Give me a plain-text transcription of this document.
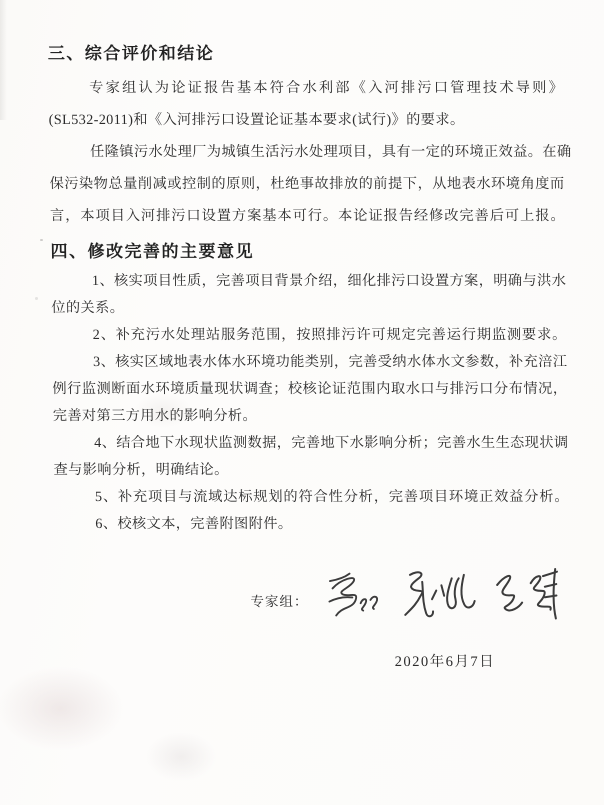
三、综合评价和结论
专家组认为论证报告基本符合水利部《入河排污口管理技术导则》
(SL532-2011)和《入河排污口设置论证基本要求(试行)》的要求。
任隆镇污水处理厂为城镇生活污水处理项目，具有一定的环境正效益。在确
保污染物总量削减或控制的原则，杜绝事故排放的前提下，从地表水环境角度而
言，本项目入河排污口设置方案基本可行。本论证报告经修改完善后可上报。
四、修改完善的主要意见
1、核实项目性质，完善项目背景介绍，细化排污口设置方案，明确与洪水
位的关系。
2、补充污水处理站服务范围，按照排污许可规定完善运行期监测要求。
3、核实区域地表水体水环境功能类别，完善受纳水体水文参数，补充涪江
例行监测断面水环境质量现状调查；校核论证范围内取水口与排污口分布情况，
完善对第三方用水的影响分析。
4、结合地下水现状监测数据，完善地下水影响分析；完善水生生态现状调
查与影响分析，明确结论。
5、补充项目与流域达标规划的符合性分析，完善项目环境正效益分析。
6、校核文本，完善附图附件。
专家组：
2020年6月7日
